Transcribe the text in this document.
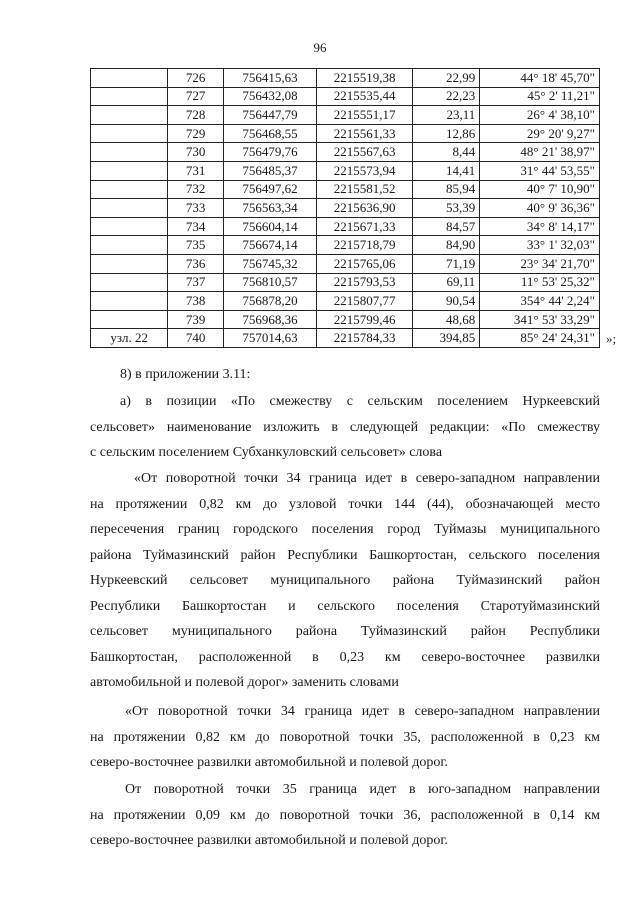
96
	726	756415,63	2215519,38	22,99	44° 18' 45,70"
	727	756432,08	2215535,44	22,23	45° 2' 11,21"
	728	756447,79	2215551,17	23,11	26° 4' 38,10"
	729	756468,55	2215561,33	12,86	29° 20' 9,27"
	730	756479,76	2215567,63	8,44	48° 21' 38,97"
	731	756485,37	2215573,94	14,41	31° 44' 53,55"
	732	756497,62	2215581,52	85,94	40° 7' 10,90"
	733	756563,34	2215636,90	53,39	40° 9' 36,36"
	734	756604,14	2215671,33	84,57	34° 8' 14,17"
	735	756674,14	2215718,79	84,90	33° 1' 32,03"
	736	756745,32	2215765,06	71,19	23° 34' 21,70"
	737	756810,57	2215793,53	69,11	11° 53' 25,32"
	738	756878,20	2215807,77	90,54	354° 44' 2,24"
	739	756968,36	2215799,46	48,68	341° 53' 33,29"
узл. 22	740	757014,63	2215784,33	394,85	85° 24' 24,31" »;
8) в приложении 3.11:
а) в позиции «По смежеству с сельским поселением Нуркеевский
сельсовет» наименование изложить в следующей редакции: «По смежеству
с сельским поселением Субханкуловский сельсовет» слова
«От поворотной точки 34 граница идет в северо-западном направлении
на протяжении 0,82 км до узловой точки 144 (44), обозначающей место
пересечения границ городского поселения город Туймазы муниципального
района Туймазинский район Республики Башкортостан, сельского поселения
Нуркеевский сельсовет муниципального района Туймазинский район
Республики Башкортостан и сельского поселения Старотуймазинский
сельсовет муниципального района Туймазинский район Республики
Башкортостан, расположенной в 0,23 км северо-восточнее развилки
автомобильной и полевой дорог» заменить словами
«От поворотной точки 34 граница идет в северо-западном направлении
на протяжении 0,82 км до поворотной точки 35, расположенной в 0,23 км
северо-восточнее развилки автомобильной и полевой дорог.
От поворотной точки 35 граница идет в юго-западном направлении
на протяжении 0,09 км до поворотной точки 36, расположенной в 0,14 км
северо-восточнее развилки автомобильной и полевой дорог.
